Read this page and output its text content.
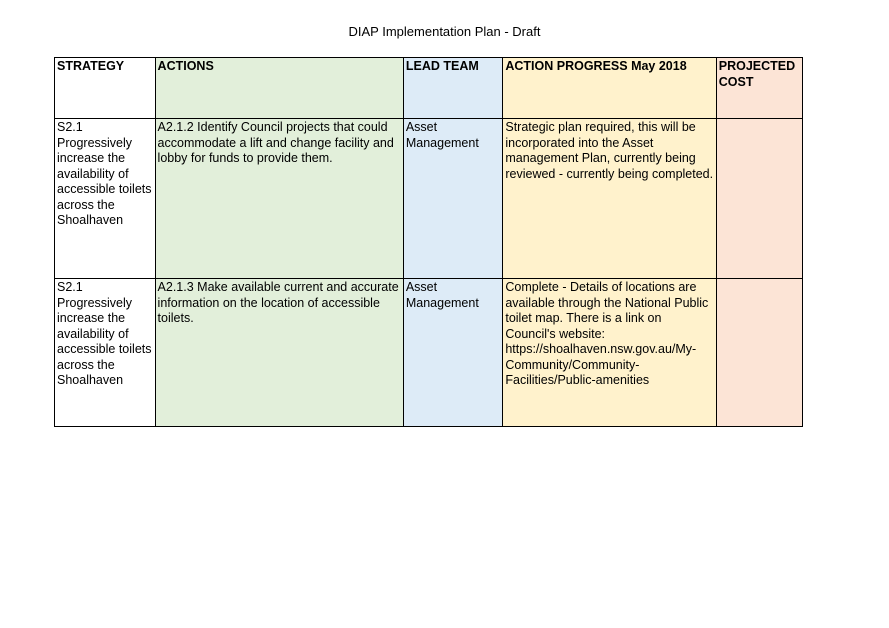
DIAP Implementation Plan - Draft
STRATEGY	ACTIONS	LEAD TEAM	ACTION PROGRESS May 2018	PROJECTED COST
S2.1 Progressively increase the availability of accessible toilets across the Shoalhaven	A2.1.2 Identify Council projects that could accommodate a lift and change facility and lobby for funds to provide them.	Asset Management	Strategic plan required, this will be incorporated into the Asset management Plan, currently being reviewed - currently being completed.	
S2.1 Progressively increase the availability of accessible toilets across the Shoalhaven	A2.1.3 Make available current and accurate information on the location of accessible toilets.	Asset Management	Complete - Details of locations are available through the National Public toilet map. There is a link on Council's website: https://shoalhaven.nsw.gov.au/My-Community/Community-Facilities/Public-amenities	
